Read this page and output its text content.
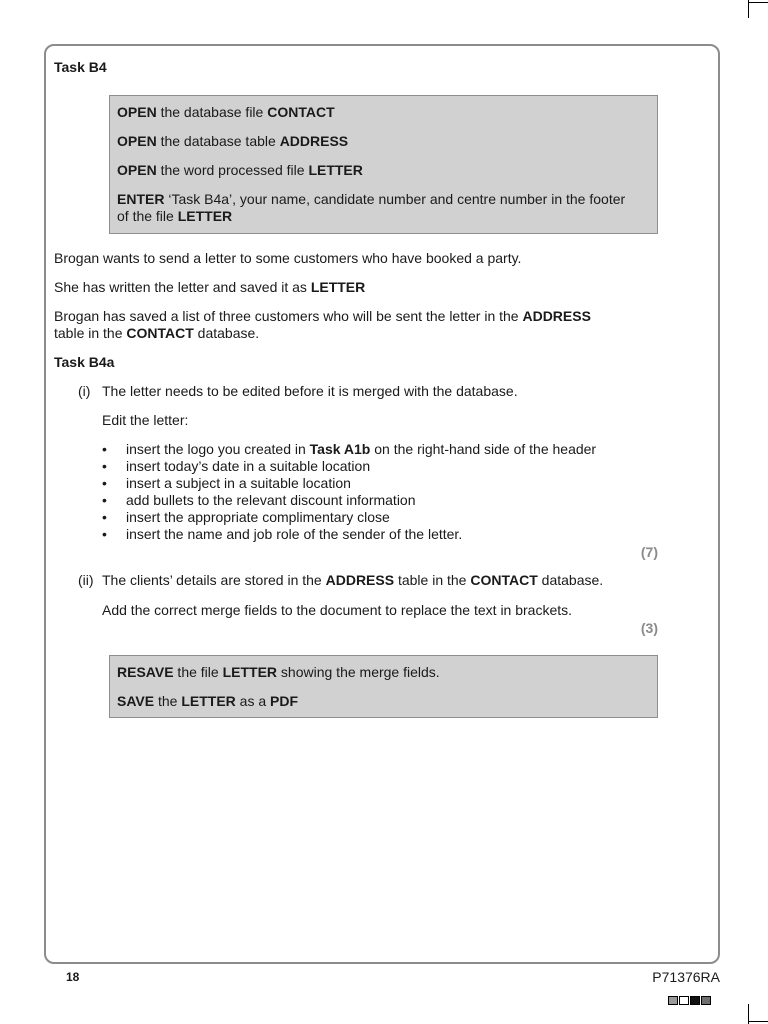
Task B4
OPEN the database file CONTACT
OPEN the database table ADDRESS
OPEN the word processed file LETTER
ENTER ‘Task B4a’, your name, candidate number and centre number in the footer
of the file LETTER
Brogan wants to send a letter to some customers who have booked a party.
She has written the letter and saved it as LETTER
Brogan has saved a list of three customers who will be sent the letter in the ADDRESS
table in the CONTACT database.
Task B4a
(i) The letter needs to be edited before it is merged with the database.
Edit the letter:
• insert the logo you created in Task A1b on the right-hand side of the header
• insert today’s date in a suitable location
• insert a subject in a suitable location
• add bullets to the relevant discount information
• insert the appropriate complimentary close
• insert the name and job role of the sender of the letter.
(7)
(ii) The clients’ details are stored in the ADDRESS table in the CONTACT database.
Add the correct merge fields to the document to replace the text in brackets.
(3)
RESAVE the file LETTER showing the merge fields.
SAVE the LETTER as a PDF
18	P71376RA
